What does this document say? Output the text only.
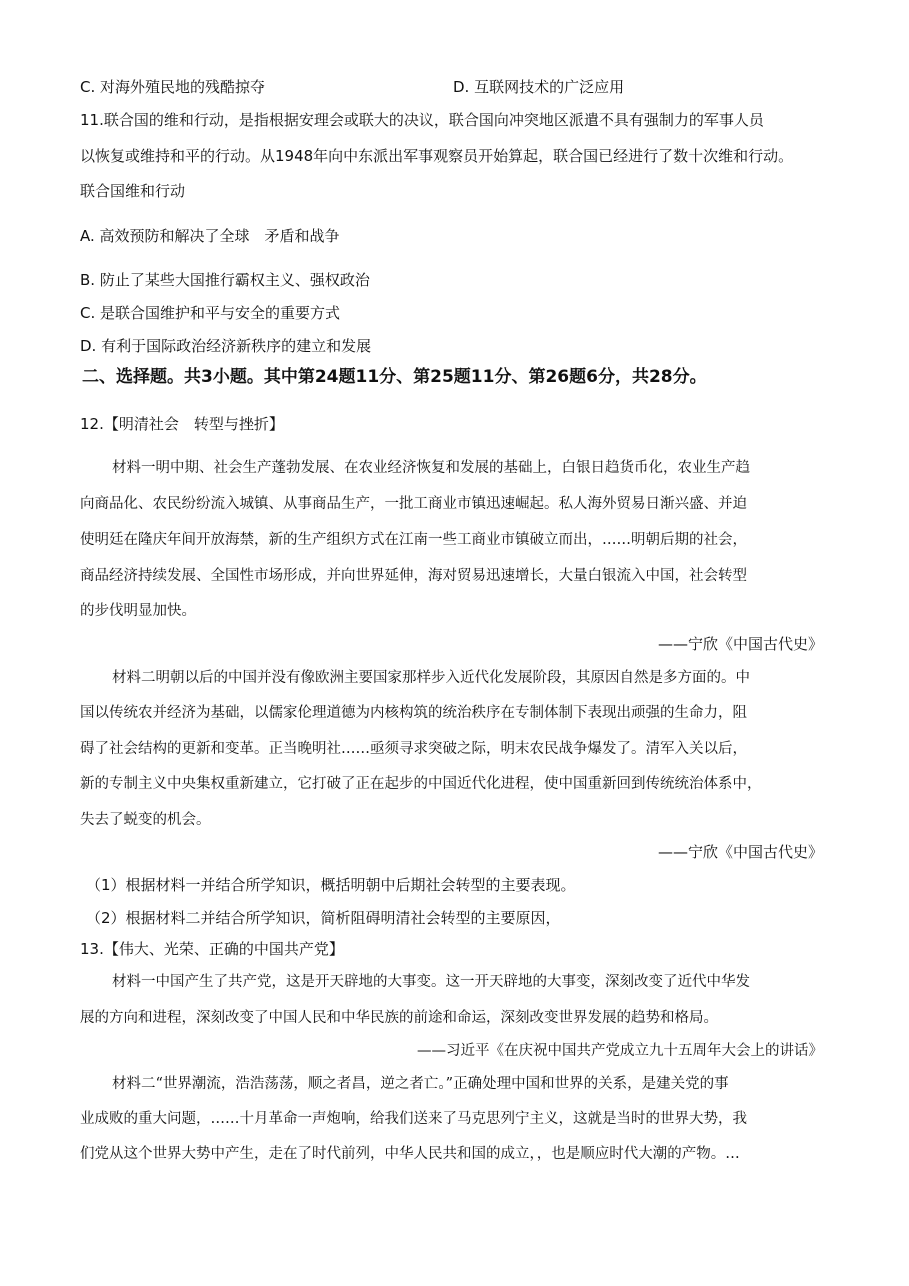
C. 对海外殖民地的残酷掠夺	D. 互联网技术的广泛应用
11.联合国的维和行动，是指根据安理会或联大的决议，联合国向冲突地区派遣不具有强制力的军事人员
以恢复或维持和平的行动。从1948年向中东派出军事观察员开始算起，联合国已经进行了数十次维和行动。
联合国维和行动
A. 高效预防和解决了全球　矛盾和战争
B. 防止了某些大国推行霸权主义、强权政治
C. 是联合国维护和平与安全的重要方式
D. 有利于国际政治经济新秩序的建立和发展
二、选择题。共3小题。其中第24题11分、第25题11分、第26题6分，共28分。
12.【明清社会　转型与挫折】
材料一明中期、社会生产蓬勃发展、在农业经济恢复和发展的基础上，白银日趋货币化，农业生产趋
向商品化、农民纷纷流入城镇、从事商品生产，一批工商业市镇迅速崛起。私人海外贸易日渐兴盛、并迫
使明廷在隆庆年间开放海禁，新的生产组织方式在江南一些工商业市镇破立而出，……明朝后期的社会，
商品经济持续发展、全国性市场形成，并向世界延伸，海对贸易迅速增长，大量白银流入中国，社会转型
的步伐明显加快。
——宁欣《中国古代史》
材料二明朝以后的中国并没有像欧洲主要国家那样步入近代化发展阶段，其原因自然是多方面的。中
国以传统农并经济为基础，以儒家伦理道德为内核构筑的统治秩序在专制体制下表现出顽强的生命力，阻
碍了社会结构的更新和变革。正当晚明社……亟须寻求突破之际，明末农民战争爆发了。清军入关以后，
新的专制主义中央集权重新建立，它打破了正在起步的中国近代化进程，使中国重新回到传统统治体系中，
失去了蜕变的机会。
——宁欣《中国古代史》
（1）根据材料一并结合所学知识，概括明朝中后期社会转型的主要表现。
（2）根据材料二并结合所学知识，简析阻碍明清社会转型的主要原因，
13.【伟大、光荣、正确的中国共产党】
材料一中国产生了共产党，这是开天辟地的大事变。这一开天辟地的大事变，深刻改变了近代中华发
展的方向和进程，深刻改变了中国人民和中华民族的前途和命运，深刻改变世界发展的趋势和格局。
——习近平《在庆祝中国共产党成立九十五周年大会上的讲话》
材料二“世界潮流，浩浩荡荡，顺之者昌，逆之者亡。”正确处理中国和世界的关系，是建关党的事
业成败的重大问题，……十月革命一声炮响，给我们送来了马克思列宁主义，这就是当时的世界大势，我
们党从这个世界大势中产生，走在了时代前列，中华人民共和国的成立，，也是顺应时代大潮的产物。…
